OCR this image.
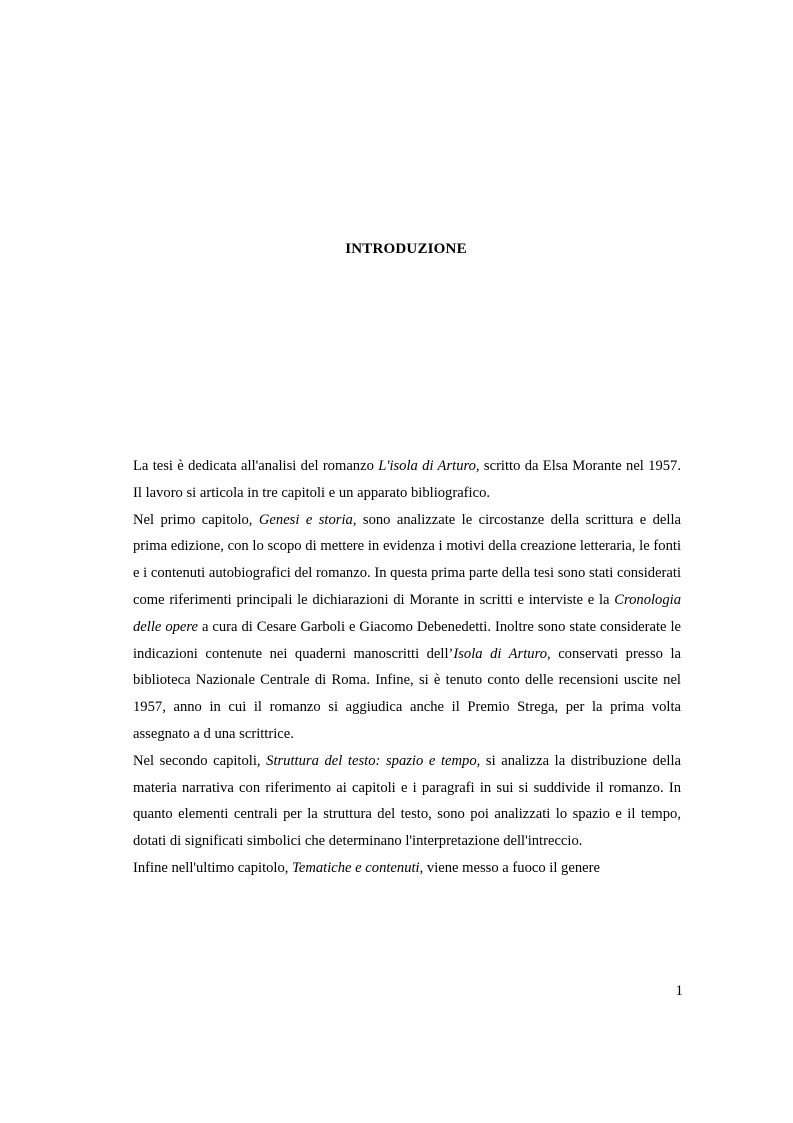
INTRODUZIONE

La tesi è dedicata all'analisi del romanzo L'isola di Arturo, scritto da Elsa Morante nel 1957. Il lavoro si articola in tre capitoli e un apparato bibliografico.

Nel primo capitolo, Genesi e storia, sono analizzate le circostanze della scrittura e della prima edizione, con lo scopo di mettere in evidenza i motivi della creazione letteraria, le fonti e i contenuti autobiografici del romanzo. In questa prima parte della tesi sono stati considerati come riferimenti principali le dichiarazioni di Morante in scritti e interviste e la Cronologia delle opere a cura di Cesare Garboli e Giacomo Debenedetti. Inoltre sono state considerate le indicazioni contenute nei quaderni manoscritti dell’Isola di Arturo, conservati presso la biblioteca Nazionale Centrale di Roma. Infine, si è tenuto conto delle recensioni uscite nel 1957, anno in cui il romanzo si aggiudica anche il Premio Strega, per la prima volta assegnato a d una scrittrice.

Nel secondo capitoli, Struttura del testo: spazio e tempo, si analizza la distribuzione della materia narrativa con riferimento ai capitoli e i paragrafi in sui si suddivide il romanzo. In quanto elementi centrali per la struttura del testo, sono poi analizzati lo spazio e il tempo, dotati di significati simbolici che determinano l'interpretazione dell'intreccio.

Infine nell'ultimo capitolo, Tematiche e contenuti, viene messo a fuoco il genere

1
